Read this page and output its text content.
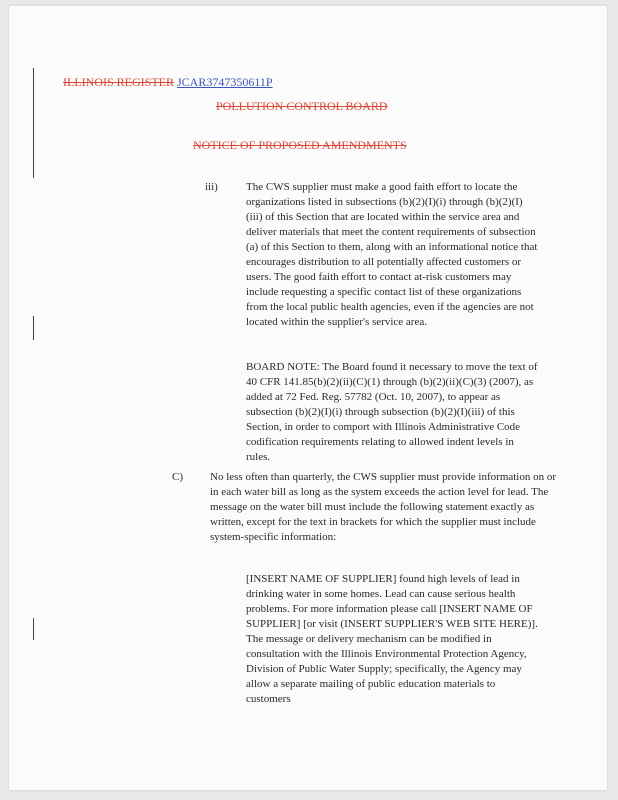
ILLINOIS REGISTER JCAR3747350611P
POLLUTION CONTROL BOARD
NOTICE OF PROPOSED AMENDMENTS
iii)	The CWS supplier must make a good faith effort to locate the organizations listed in subsections (b)(2)(I)(i) through (b)(2)(I)(iii) of this Section that are located within the service area and deliver materials that meet the content requirements of subsection (a) of this Section to them, along with an informational notice that encourages distribution to all potentially affected customers or users. The good faith effort to contact at-risk customers may include requesting a specific contact list of these organizations from the local public health agencies, even if the agencies are not located within the supplier's service area.
BOARD NOTE: The Board found it necessary to move the text of 40 CFR 141.85(b)(2)(ii)(C)(1) through (b)(2)(ii)(C)(3) (2007), as added at 72 Fed. Reg. 57782 (Oct. 10, 2007), to appear as subsection (b)(2)(I)(i) through subsection (b)(2)(I)(iii) of this Section, in order to comport with Illinois Administrative Code codification requirements relating to allowed indent levels in rules.
C) No less often than quarterly, the CWS supplier must provide information on or in each water bill as long as the system exceeds the action level for lead. The message on the water bill must include the following statement exactly as written, except for the text in brackets for which the supplier must include system-specific information:
[INSERT NAME OF SUPPLIER] found high levels of lead in drinking water in some homes. Lead can cause serious health problems. For more information please call [INSERT NAME OF SUPPLIER] [or visit (INSERT SUPPLIER'S WEB SITE HERE)]. The message or delivery mechanism can be modified in consultation with the Illinois Environmental Protection Agency, Division of Public Water Supply; specifically, the Agency may allow a separate mailing of public education materials to customers
